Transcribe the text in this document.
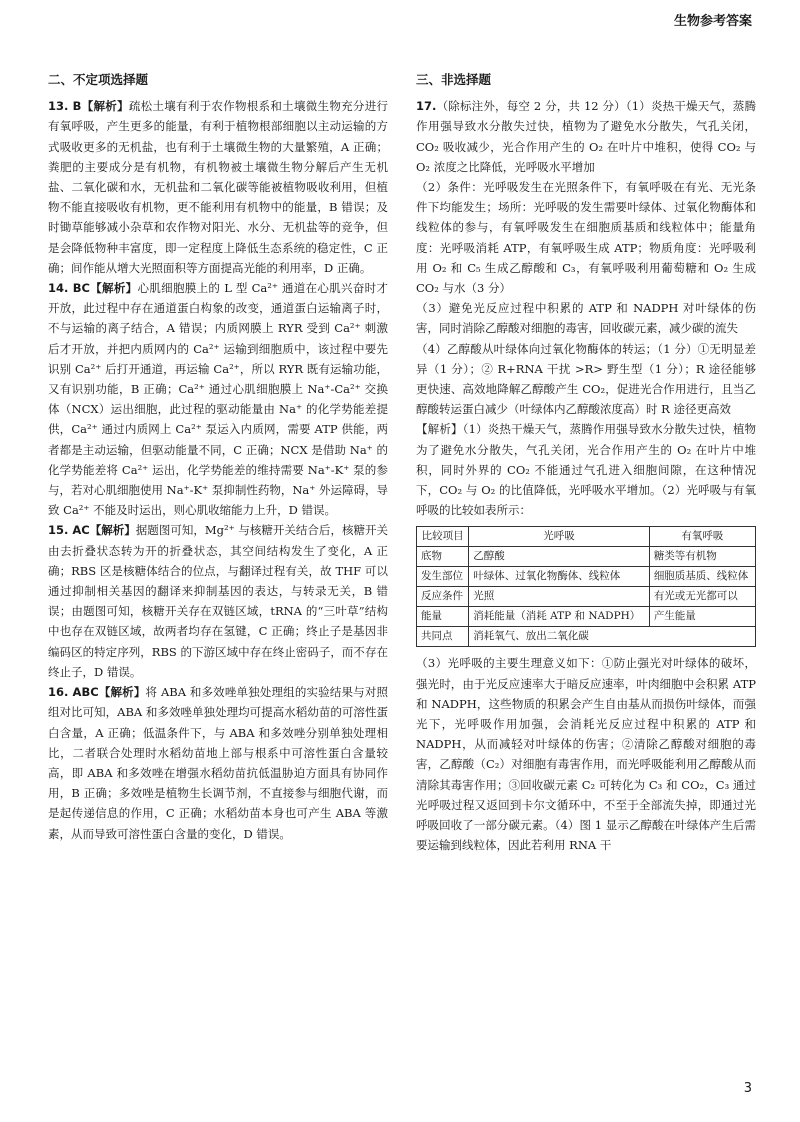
生物参考答案
二、不定项选择题

13. B【解析】疏松土壤有利于农作物根系和土壤微生物充分进行有氧呼吸，产生更多的能量，有利于植物根部细胞以主动运输的方式吸收更多的无机盐，也有利于土壤微生物的大量繁殖，A 正确；粪肥的主要成分是有机物，有机物被土壤微生物分解后产生无机盐、二氧化碳和水，无机盐和二氧化碳等能被植物吸收利用，但植物不能直接吸收有机物，更不能利用有机物中的能量，B 错误；及时锄草能够减小杂草和农作物对阳光、水分、无机盐等的竞争，但是会降低物种丰富度，即一定程度上降低生态系统的稳定性，C 正确；间作能从增大光照面积等方面提高光能的利用率，D 正确。

14. BC【解析】心肌细胞膜上的 L 型 Ca²⁺ 通道在心肌兴奋时才开放，此过程中存在通道蛋白构象的改变，通道蛋白运输离子时，不与运输的离子结合，A 错误；内质网膜上 RYR 受到 Ca²⁺ 刺激后才开放，并把内质网内的 Ca²⁺ 运输到细胞质中，该过程中要先识别 Ca²⁺ 后打开通道，再运输 Ca²⁺，所以 RYR 既有运输功能，又有识别功能，B 正确；Ca²⁺ 通过心肌细胞膜上 Na⁺-Ca²⁺ 交换体（NCX）运出细胞，此过程的驱动能量由 Na⁺ 的化学势能差提供，Ca²⁺ 通过内质网上 Ca²⁺ 泵运入内质网，需要 ATP 供能，两者都是主动运输，但驱动能量不同，C 正确；NCX 是借助 Na⁺ 的化学势能差将 Ca²⁺ 运出，化学势能差的维持需要 Na⁺-K⁺ 泵的参与，若对心肌细胞使用 Na⁺-K⁺ 泵抑制性药物，Na⁺ 外运障碍，导致 Ca²⁺ 不能及时运出，则心肌收缩能力上升，D 错误。

15. AC【解析】据题图可知，Mg²⁺ 与核糖开关结合后，核糖开关由去折叠状态转为开的折叠状态，其空间结构发生了变化，A 正确；RBS 区是核糖体结合的位点，与翻译过程有关，故 THF 可以通过抑制相关基因的翻译来抑制基因的表达，与转录无关，B 错误；由题图可知，核糖开关存在双链区域，tRNA 的“三叶草”结构中也存在双链区域，故两者均存在氢键，C 正确；终止子是基因非编码区的特定序列，RBS 的下游区域中存在终止密码子，而不存在终止子，D 错误。

16. ABC【解析】将 ABA 和多效唑单独处理组的实验结果与对照组对比可知，ABA 和多效唑单独处理均可提高水稻幼苗的可溶性蛋白含量，A 正确；低温条件下，与 ABA 和多效唑分别单独处理相比，二者联合处理时水稻幼苗地上部与根系中可溶性蛋白含量较高，即 ABA 和多效唑在增强水稻幼苗抗低温胁迫方面具有协同作用，B 正确；多效唑是植物生长调节剂，不直接参与细胞代谢，而是起传递信息的作用，C 正确；水稻幼苗本身也可产生 ABA 等激素，从而导致可溶性蛋白含量的变化，D 错误。

三、非选择题

17.（除标注外，每空 2 分，共 12 分）（1）炎热干燥天气，蒸腾作用强导致水分散失过快，植物为了避免水分散失，气孔关闭，CO₂ 吸收减少，光合作用产生的 O₂ 在叶片中堆积，使得 CO₂ 与 O₂ 浓度之比降低，光呼吸水平增加

（2）条件：光呼吸发生在光照条件下，有氧呼吸在有光、无光条件下均能发生；场所：光呼吸的发生需要叶绿体、过氧化物酶体和线粒体的参与，有氧呼吸发生在细胞质基质和线粒体中；能量角度：光呼吸消耗 ATP，有氧呼吸生成 ATP；物质角度：光呼吸利用 O₂ 和 C₅ 生成乙醇酸和 C₃，有氧呼吸利用葡萄糖和 O₂ 生成 CO₂ 与水（3 分）

（3）避免光反应过程中积累的 ATP 和 NADPH 对叶绿体的伤害，同时消除乙醇酸对细胞的毒害，回收碳元素，减少碳的流失

（4）乙醇酸从叶绿体向过氧化物酶体的转运；（1 分）①无明显差异（1 分）；② R+RNA 干扰 >R> 野生型（1 分）；R 途径能够更快速、高效地降解乙醇酸产生 CO₂，促进光合作用进行，且当乙醇酸转运蛋白减少（叶绿体内乙醇酸浓度高）时 R 途径更高效

【解析】（1）炎热干燥天气，蒸腾作用强导致水分散失过快，植物为了避免水分散失，气孔关闭，光合作用产生的 O₂ 在叶片中堆积，同时外界的 CO₂ 不能通过气孔进入细胞间隙，在这种情况下，CO₂ 与 O₂ 的比值降低，光呼吸水平增加。（2）光呼吸与有氧呼吸的比较如表所示：

比较项目	光呼吸	有氧呼吸
底物	乙醇酸	糖类等有机物
发生部位	叶绿体、过氧化物酶体、线粒体	细胞质基质、线粒体
反应条件	光照	有光或无光都可以
能量	消耗能量（消耗 ATP 和 NADPH）	产生能量
共同点	消耗氧气、放出二氧化碳	

（3）光呼吸的主要生理意义如下：①防止强光对叶绿体的破坏，强光时，由于光反应速率大于暗反应速率，叶肉细胞中会积累 ATP 和 NADPH，这些物质的积累会产生自由基从而损伤叶绿体，而强光下，光呼吸作用加强，会消耗光反应过程中积累的 ATP 和 NADPH，从而减轻对叶绿体的伤害；②清除乙醇酸对细胞的毒害，乙醇酸（C₂）对细胞有毒害作用，而光呼吸能利用乙醇酸从而清除其毒害作用；③回收碳元素 C₂ 可转化为 C₃ 和 CO₂，C₃ 通过光呼吸过程又返回到卡尔文循环中，不至于全部流失掉，即通过光呼吸回收了一部分碳元素。（4）图 1 显示乙醇酸在叶绿体产生后需要运输到线粒体，因此若利用 RNA 干

3
